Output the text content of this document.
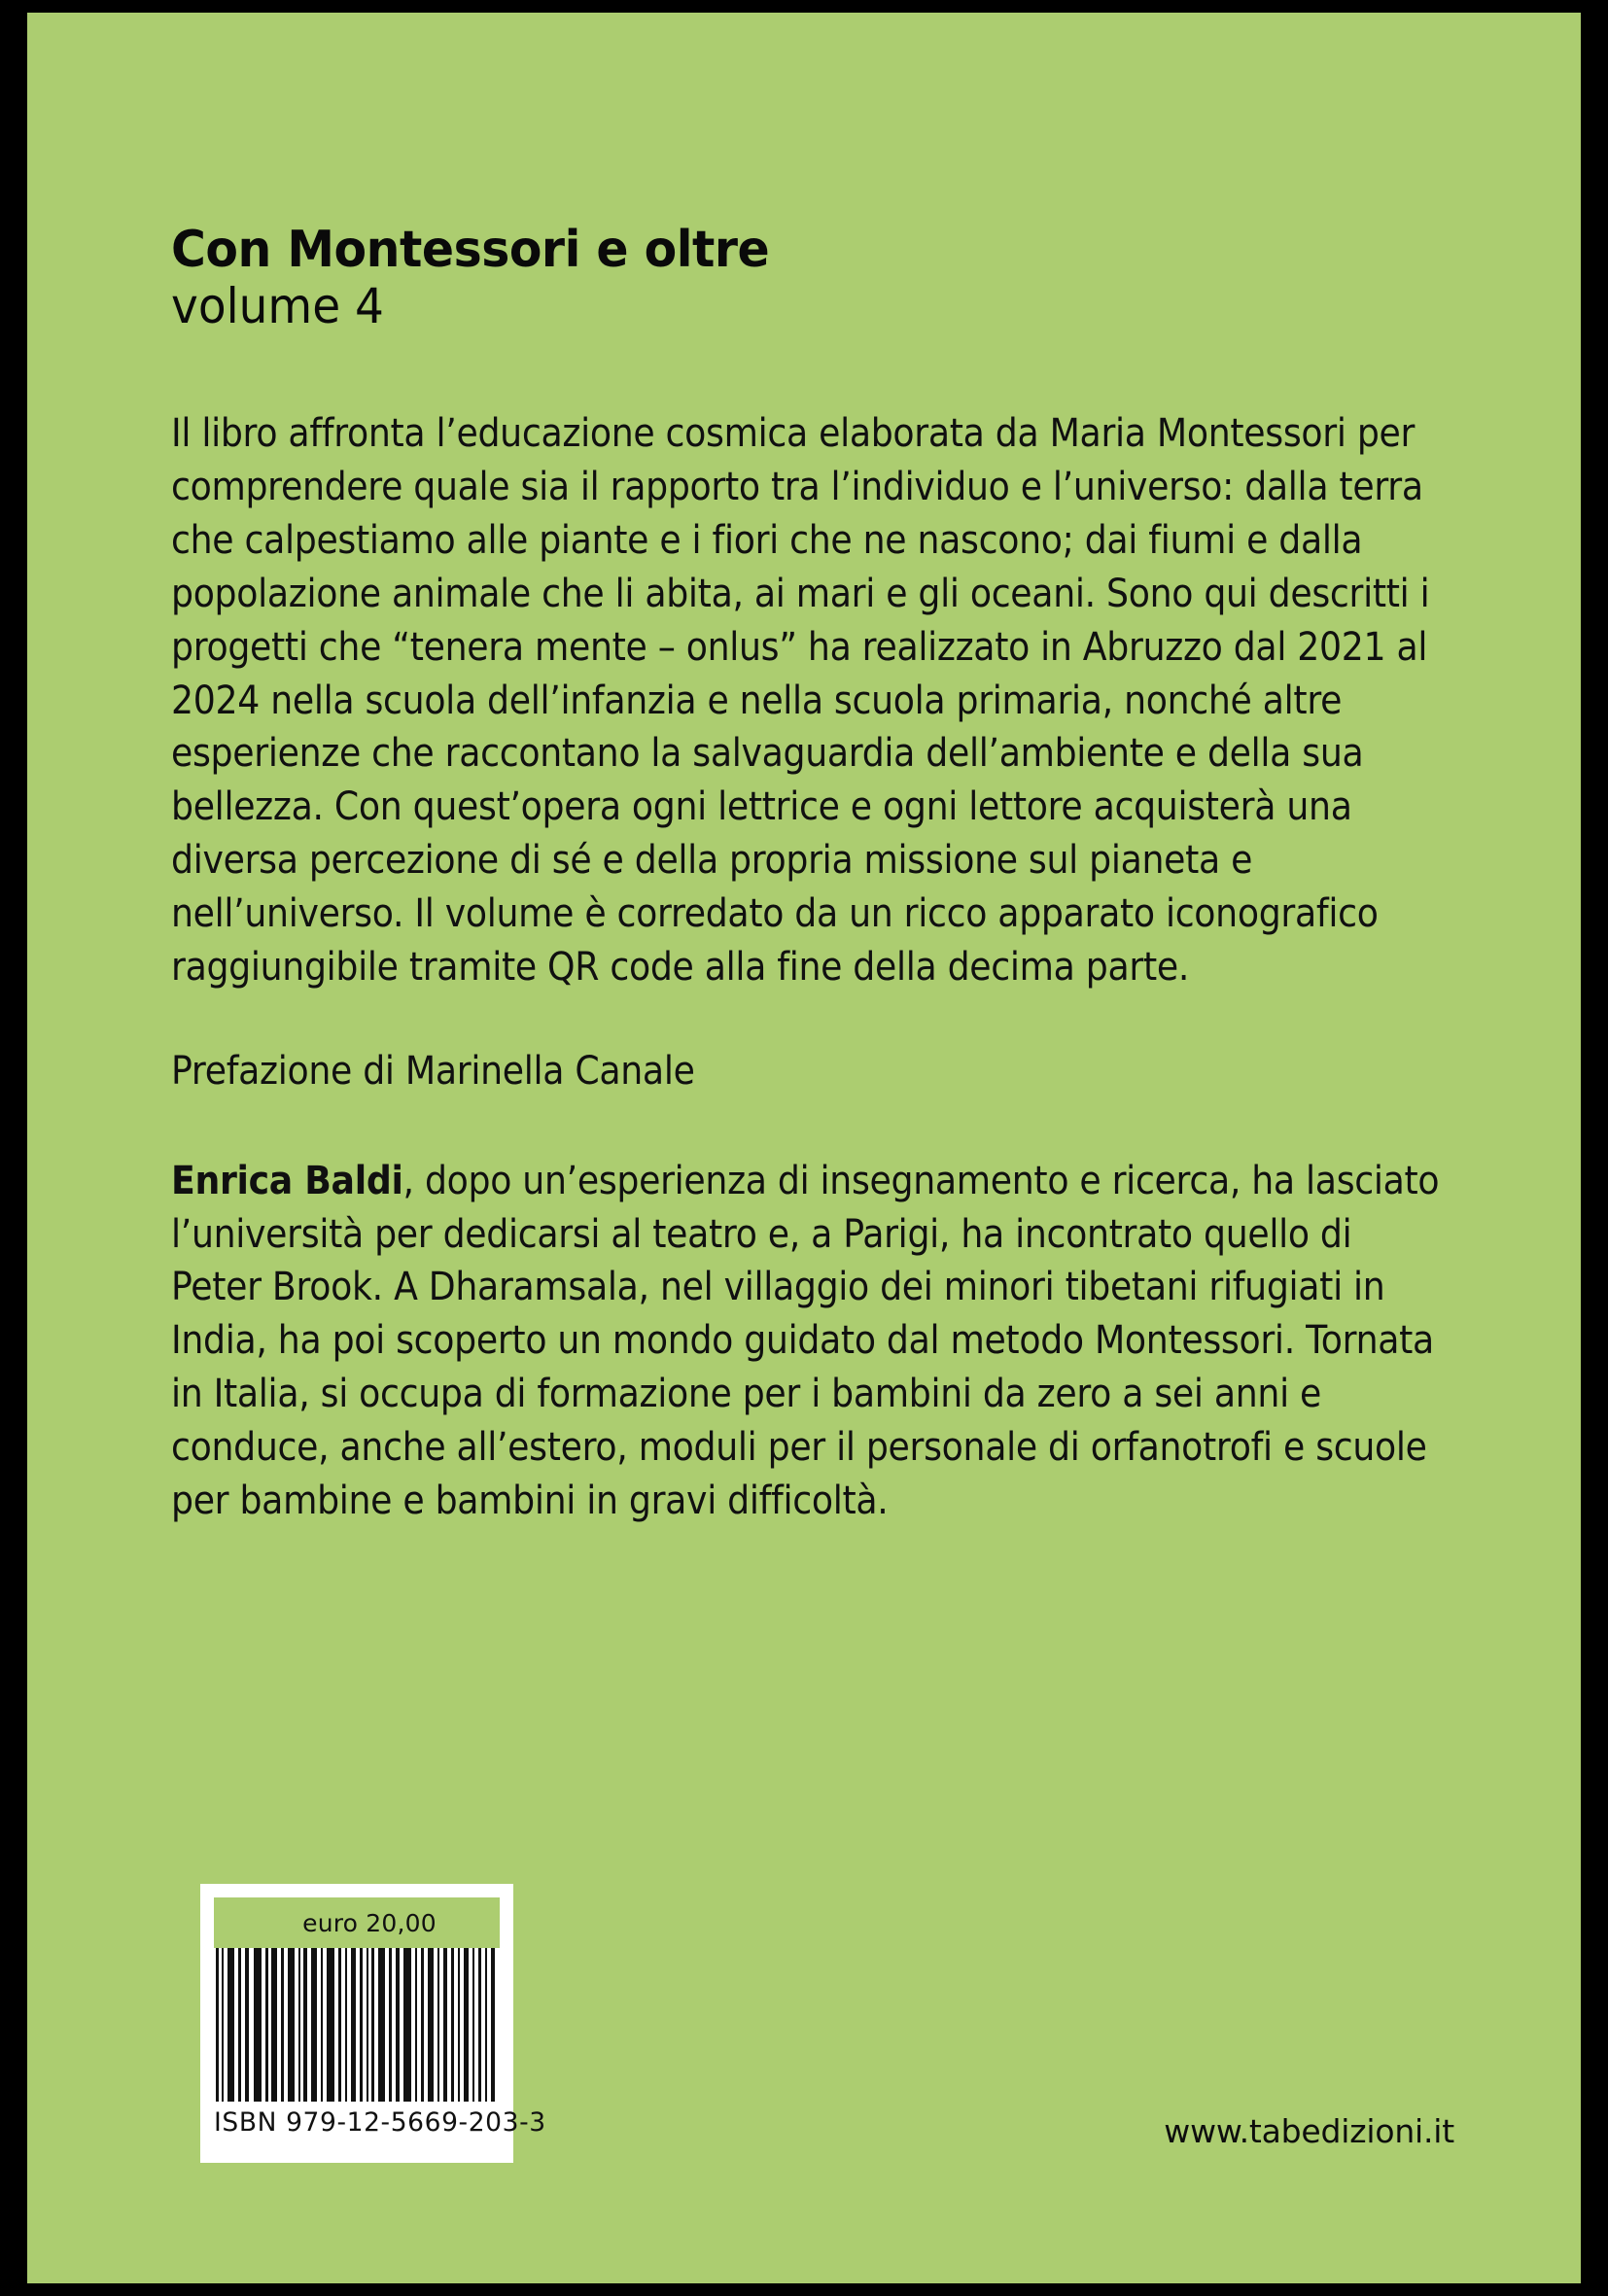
Con Montessori e oltre
volume 4
Il libro affronta l’educazione cosmica elaborata da Maria Montessori per comprendere quale sia il rapporto tra l’individuo e l’universo: dalla terra che calpestiamo alle piante e i fiori che ne nascono; dai fiumi e dalla popolazione animale che li abita, ai mari e gli oceani. Sono qui descritti i progetti che “tenera mente – onlus” ha realizzato in Abruzzo dal 2021 al 2024 nella scuola dell’infanzia e nella scuola primaria, nonché altre esperienze che raccontano la salvaguardia dell’ambiente e della sua bellezza. Con quest’opera ogni lettrice e ogni lettore acquisterà una diversa percezione di sé e della propria missione sul pianeta e nell’universo. Il volume è corredato da un ricco apparato iconografico raggiungibile tramite QR code alla fine della decima parte.
Prefazione di Marinella Canale
Enrica Baldi, dopo un’esperienza di insegnamento e ricerca, ha lasciato l’università per dedicarsi al teatro e, a Parigi, ha incontrato quello di Peter Brook. A Dharamsala, nel villaggio dei minori tibetani rifugiati in India, ha poi scoperto un mondo guidato dal metodo Montessori. Tornata in Italia, si occupa di formazione per i bambini da zero a sei anni e conduce, anche all’estero, moduli per il personale di orfanotrofi e scuole per bambine e bambini in gravi difficoltà.
euro 20,00
ISBN 979-12-5669-203-3	www.tabedizioni.it
